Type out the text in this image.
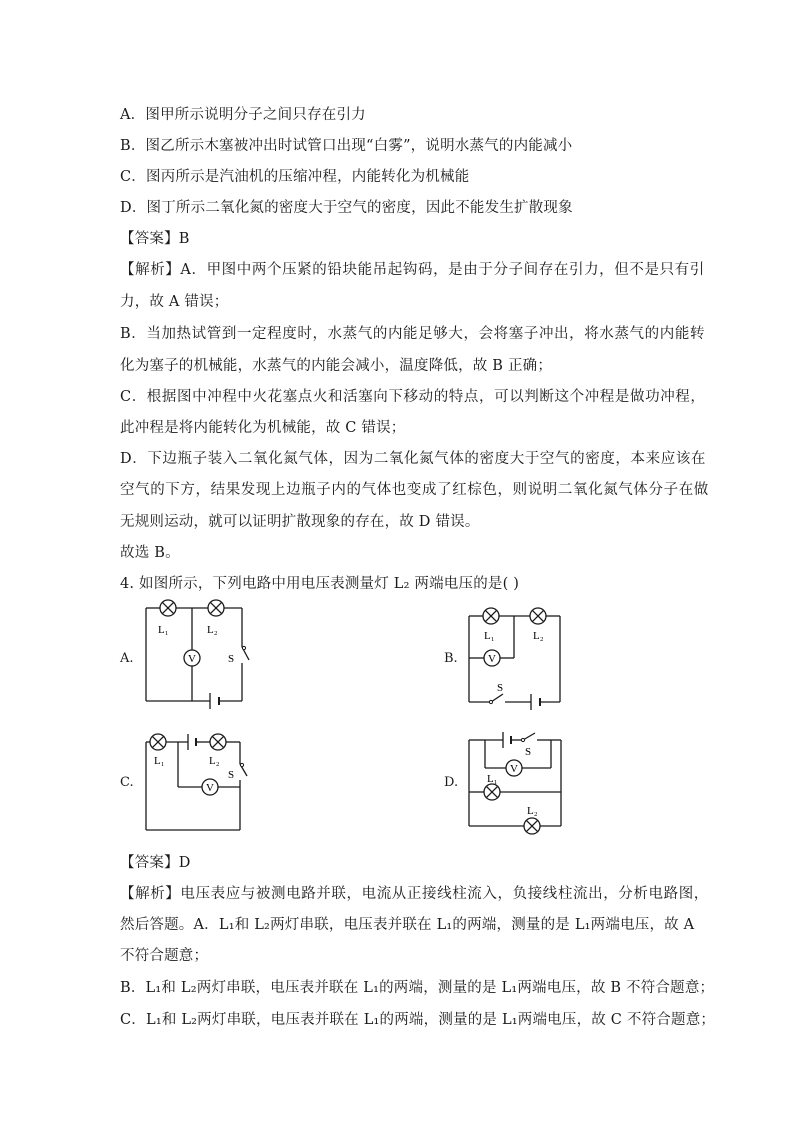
A．图甲所示说明分子之间只存在引力
B．图乙所示木塞被冲出时试管口出现“白雾”，说明水蒸气的内能减小
C．图丙所示是汽油机的压缩冲程，内能转化为机械能
D．图丁所示二氧化氮的密度大于空气的密度，因此不能发生扩散现象
【答案】B
【解析】A．甲图中两个压紧的铅块能吊起钩码，是由于分子间存在引力，但不是只有引
力，故 A 错误；
B．当加热试管到一定程度时，水蒸气的内能足够大，会将塞子冲出，将水蒸气的内能转
化为塞子的机械能，水蒸气的内能会减小，温度降低，故 B 正确；
C．根据图中冲程中火花塞点火和活塞向下移动的特点，可以判断这个冲程是做功冲程，
此冲程是将内能转化为机械能，故 C 错误；
D．下边瓶子装入二氧化氮气体，因为二氧化氮气体的密度大于空气的密度，本来应该在
空气的下方，结果发现上边瓶子内的气体也变成了红棕色，则说明二氧化氮气体分子在做
无规则运动，就可以证明扩散现象的存在，故 D 错误。
故选 B。
4. 如图所示，下列电路中用电压表测量灯 L₂ 两端电压的是( )
A.	B.
C.	D.
V
L₁	L₂
S	V
L₁	L₂
S
V
L₁	L₂
S	V
S
L₁
L₂
【答案】D
【解析】电压表应与被测电路并联，电流从正接线柱流入，负接线柱流出，分析电路图，
然后答题。A．L₁和 L₂两灯串联，电压表并联在 L₁的两端，测量的是 L₁两端电压，故 A
不符合题意；
B．L₁和 L₂两灯串联，电压表并联在 L₁的两端，测量的是 L₁两端电压，故 B 不符合题意；
C．L₁和 L₂两灯串联，电压表并联在 L₁的两端，测量的是 L₁两端电压，故 C 不符合题意；
